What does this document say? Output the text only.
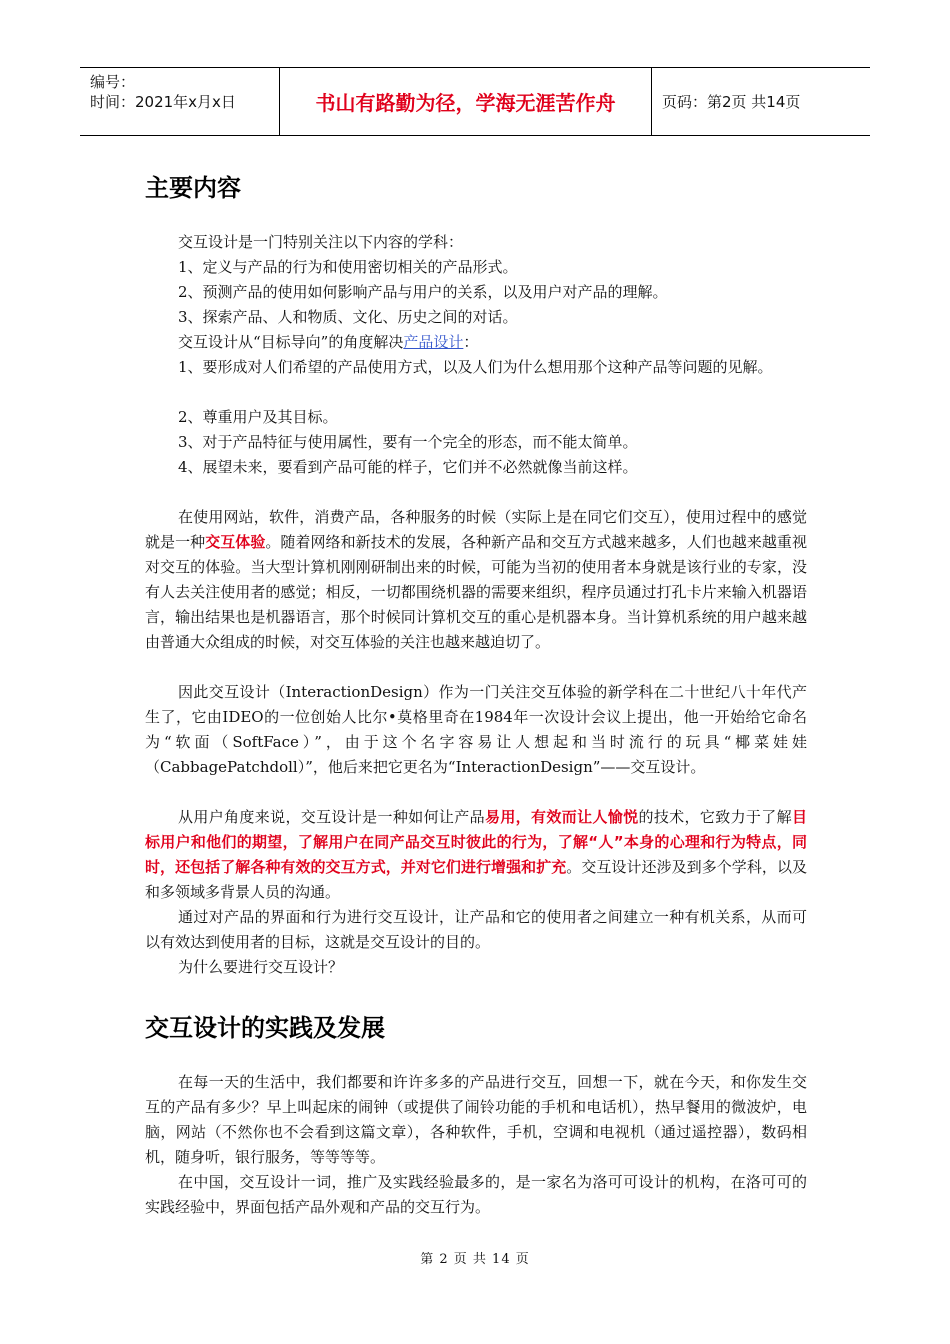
编号：
时间：2021年x月x日	书山有路勤为径，学海无涯苦作舟	页码：第2页 共14页
主要内容
交互设计是一门特别关注以下内容的学科：
1、定义与产品的行为和使用密切相关的产品形式。
2、预测产品的使用如何影响产品与用户的关系，以及用户对产品的理解。
3、探索产品、人和物质、文化、历史之间的对话。
交互设计从“目标导向”的角度解决产品设计：

1、要形成对人们希望的产品使用方式，以及人们为什么想用那个这种产品等问题的见解。

2、尊重用户及其目标。
3、对于产品特征与使用属性，要有一个完全的形态，而不能太简单。
4、展望未来，要看到产品可能的样子，它们并不必然就像当前这样。

在使用网站，软件，消费产品，各种服务的时候（实际上是在同它们交互），使用过程中的感觉就是一种交互体验。随着网络和新技术的发展，各种新产品和交互方式越来越多，人们也越来越重视对交互的体验。当大型计算机刚刚研制出来的时候，可能为当初的使用者本身就是该行业的专家，没有人去关注使用者的感觉；相反，一切都围绕机器的需要来组织，程序员通过打孔卡片来输入机器语言，输出结果也是机器语言，那个时候同计算机交互的重心是机器本身。当计算机系统的用户越来越由普通大众组成的时候，对交互体验的关注也越来越迫切了。

因此交互设计（InteractionDesign）作为一门关注交互体验的新学科在二十世纪八十年代产生了，它由IDEO的一位创始人比尔•莫格里奇在1984年一次设计会议上提出，他一开始给它命名为“软面（SoftFace）”，由于这个名字容易让人想起和当时流行的玩具“椰菜娃娃（CabbagePatchdoll）”，他后来把它更名为“InteractionDesign”——交互设计。

从用户角度来说，交互设计是一种如何让产品易用，有效而让人愉悦的技术，它致力于了解目标用户和他们的期望，了解用户在同产品交互时彼此的行为，了解“人”本身的心理和行为特点，同时，还包括了解各种有效的交互方式，并对它们进行增强和扩充。交互设计还涉及到多个学科，以及和多领域多背景人员的沟通。

通过对产品的界面和行为进行交互设计，让产品和它的使用者之间建立一种有机关系，从而可以有效达到使用者的目标，这就是交互设计的目的。

为什么要进行交互设计？

交互设计的实践及发展

在每一天的生活中，我们都要和许许多多的产品进行交互，回想一下，就在今天，和你发生交互的产品有多少？早上叫起床的闹钟（或提供了闹铃功能的手机和电话机），热早餐用的微波炉，电脑，网站（不然你也不会看到这篇文章），各种软件，手机，空调和电视机（通过遥控器），数码相机，随身听，银行服务，等等等等。

在中国，交互设计一词，推广及实践经验最多的，是一家名为洛可可设计的机构，在洛可可的实践经验中，界面包括产品外观和产品的交互行为。

第 2 页 共 14 页
